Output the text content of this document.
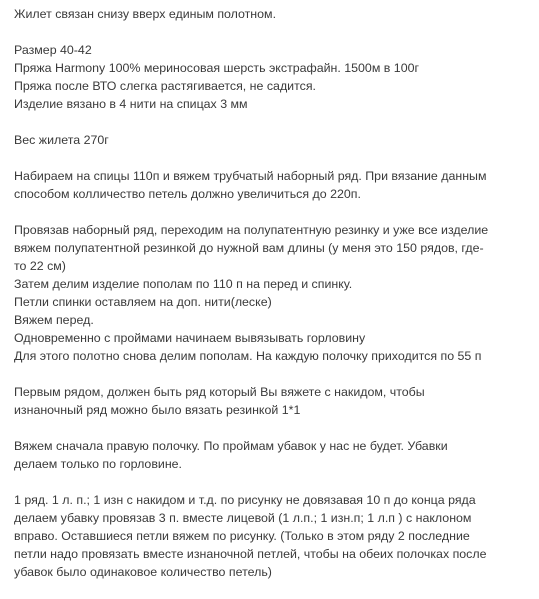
Жилет связан снизу вверх единым полотном.
Размер 40-42
Пряжа Harmony 100% мериносовая шерсть экстрафайн. 1500м в 100г
Пряжа после ВТО слегка растягивается, не садится.
Изделие вязано в 4 нити на спицах 3 мм
Вес жилета 270г
Набираем на спицы 110п и вяжем трубчатый наборный ряд. При вязание данным
способом колличество петель должно увеличиться до 220п.
Провязав наборный ряд, переходим на полупатентную резинку и уже все изделие
вяжем полупатентной резинкой до нужной вам длины (у меня это 150 рядов, где-
то 22 см)
Затем делим изделие пополам по 110 п на перед и спинку.
Петли спинки оставляем на доп. нити(леске)
Вяжем перед.
Одновременно с проймами начинаем вывязывать горловину
Для этого полотно снова делим пополам. На каждую полочку приходится по 55 п
Первым рядом, должен быть ряд который Вы вяжете с накидом, чтобы
изнаночный ряд можно было вязать резинкой 1*1
Вяжем сначала правую полочку. По проймам убавок у нас не будет. Убавки
делаем только по горловине.
1 ряд. 1 л. п.; 1 изн с накидом и т.д. по рисунку не довязавая 10 п до конца ряда
делаем убавку провязав 3 п. вместе лицевой (1 л.п.; 1 изн.п; 1 л.п ) с наклоном
вправо. Оставшиеся петли вяжем по рисунку. (Только в этом ряду 2 последние
петли надо провязать вместе изнаночной петлей, чтобы на обеих полочках после
убавок было одинаковое количество петель)
